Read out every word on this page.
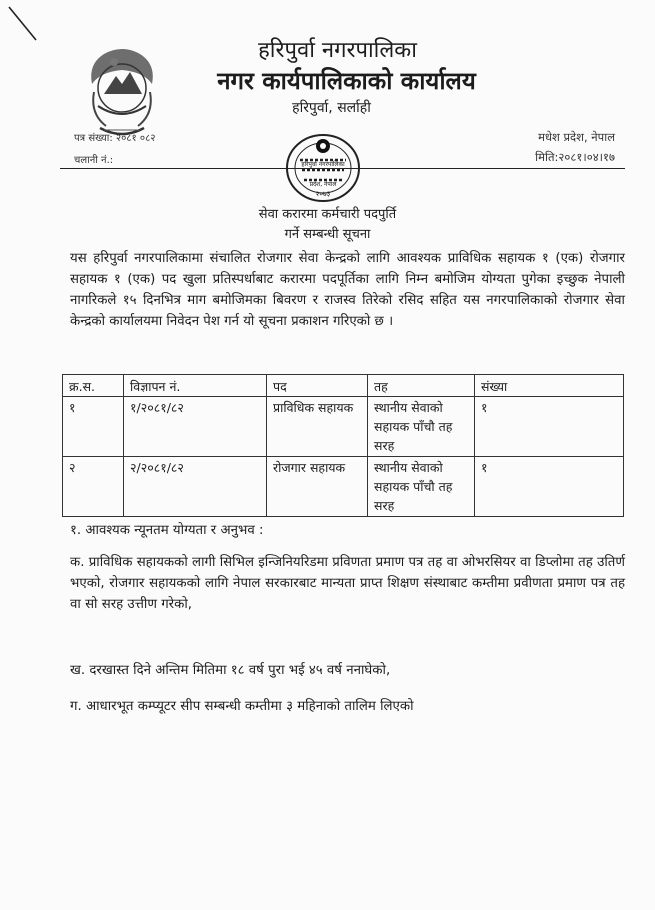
हरिपुर्वा नगरपालिका
नगर कार्यपालिकाको कार्यालय
हरिपुर्वा, सर्लाही
पत्र संख्या: २०८१ ०८२
चलानी नं.:
मधेश प्रदेश, नेपाल
मिति:२०८१।०४।१७
हरिपुर्वा नगरपालिका
प्रदेश, नेपाल
२०७३
सेवा करारमा कर्मचारी पदपुर्ति
गर्ने सम्बन्धी सूचना
यस हरिपुर्वा नगरपालिकामा संचालित रोजगार सेवा केन्द्रको लागि आवश्यक प्राविधिक सहायक १ (एक) रोजगार सहायक १ (एक) पद खुला प्रतिस्पर्धाबाट करारमा पदपूर्तिका लागि निम्न बमोजिम योग्यता पुगेका इच्छुक नेपाली नागरिकले १५ दिनभित्र माग बमोजिमका बिवरण र राजस्व तिरेको रसिद सहित यस नगरपालिकाको रोजगार सेवा केन्द्रको कार्यालयमा निवेदन पेश गर्न यो सूचना प्रकाशन गरिएको छ ।
क्र.स.	विज्ञापन नं.	पद	तह	संख्या
१	१/२०८१/८२	प्राविधिक सहायक	स्थानीय सेवाको सहायक पाँचौ तह सरह	१
२	२/२०८१/८२	रोजगार सहायक	स्थानीय सेवाको सहायक पाँचौ तह सरह	१
१. आवश्यक न्यूनतम योग्यता र अनुभव :
क. प्राविधिक सहायकको लागी सिभिल इन्जिनियरिडमा प्रविणता प्रमाण पत्र तह वा ओभरसियर वा डिप्लोमा तह उतिर्ण भएको, रोजगार सहायकको लागि नेपाल सरकारबाट मान्यता प्राप्त शिक्षण संस्थाबाट कम्तीमा प्रवीणता प्रमाण पत्र तह वा सो सरह उत्तीण गरेको,
ख. दरखास्त दिने अन्तिम मितिमा १८ वर्ष पुरा भई ४५ वर्ष ननाघेको,
ग. आधारभूत कम्प्यूटर सीप सम्बन्धी कम्तीमा ३ महिनाको तालिम लिएको
